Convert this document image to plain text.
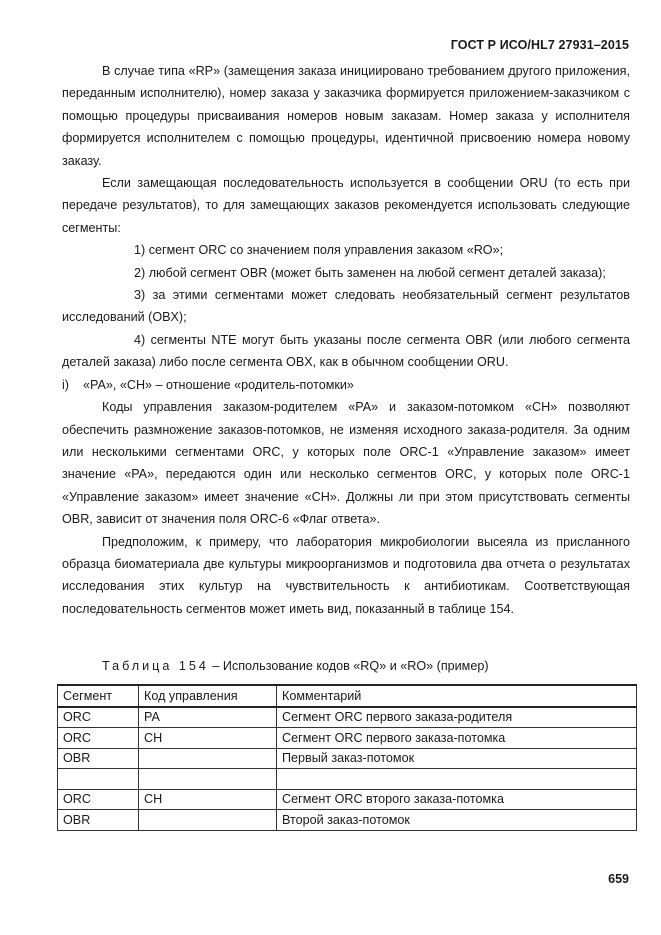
ГОСТ Р ИСО/HL7 27931–2015

В случае типа «RP» (замещения заказа инициировано требованием другого приложения, переданным исполнителю), номер заказа у заказчика формируется приложением-заказчиком с помощью процедуры присваивания номеров новым заказам. Номер заказа у исполнителя формируется исполнителем с помощью процедуры, идентичной присвоению номера новому заказу.

Если замещающая последовательность используется в сообщении ORU (то есть при передаче результатов), то для замещающих заказов рекомендуется использовать следующие сегменты:

1) сегмент ORC со значением поля управления заказом «RO»;

2) любой сегмент OBR (может быть заменен на любой сегмент деталей заказа);

3) за этими сегментами может следовать необязательный сегмент результатов исследований (OBX);

4) сегменты NTE могут быть указаны после сегмента OBR (или любого сегмента деталей заказа) либо после сегмента OBX, как в обычном сообщении ORU.

i)    «PA», «CH» – отношение «родитель-потомки»

Коды управления заказом-родителем «PA» и заказом-потомком «CH» позволяют обеспечить размножение заказов-потомков, не изменяя исходного заказа-родителя. За одним или несколькими сегментами ORC, у которых поле ORC-1 «Управление заказом» имеет значение «PA», передаются один или несколько сегментов ORC, у которых поле ORC-1 «Управление заказом» имеет значение «CH». Должны ли при этом присутствовать сегменты OBR, зависит от значения поля ORC-6 «Флаг ответа».

Предположим, к примеру, что лаборатория микробиологии высеяла из присланного образца биоматериала две культуры микроорганизмов и подготовила два отчета о результатах исследования этих культур на чувствительность к антибиотикам. Соответствующая последовательность сегментов может иметь вид, показанный в таблице 154.

Таблица 154 – Использование кодов «RQ» и «RO» (пример)
Сегмент	Код управления	Комментарий
ORC	PA	Сегмент ORC первого заказа-родителя
ORC	CH	Сегмент ORC первого заказа-потомка
OBR		Первый заказ-потомок

ORC	CH	Сегмент ORC второго заказа-потомка
OBR		Второй заказ-потомок
659
